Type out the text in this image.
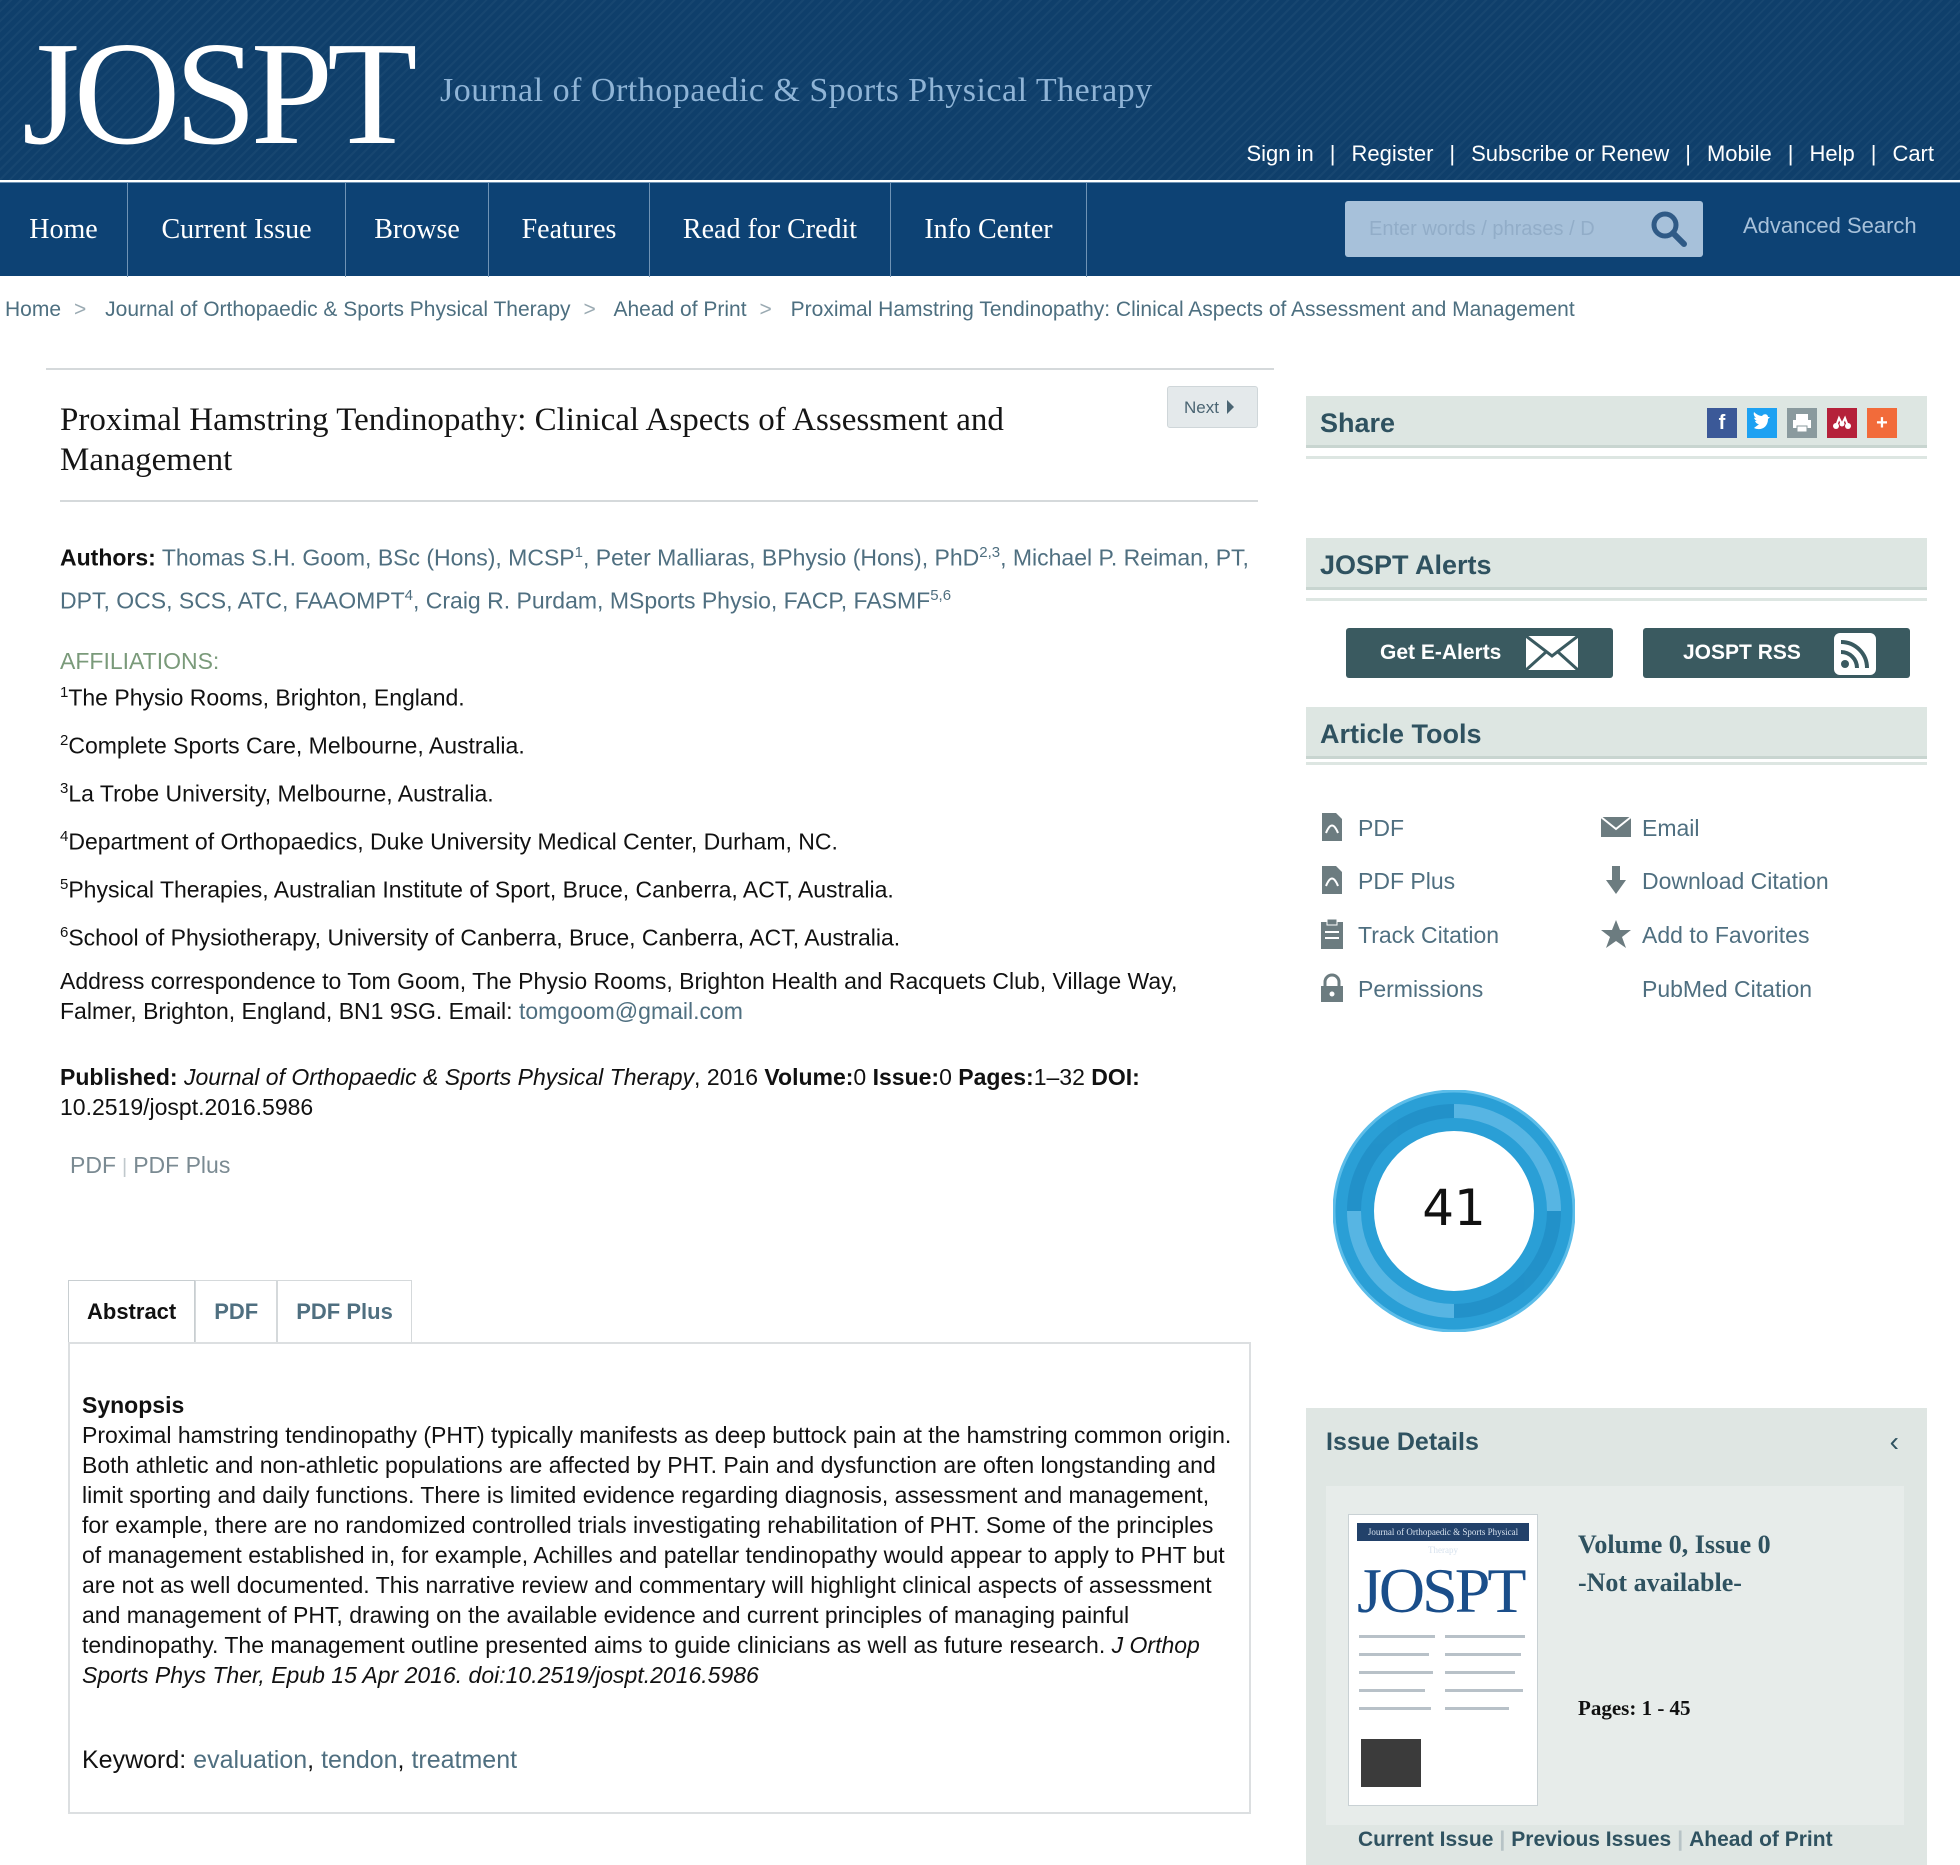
JOSPT Journal of Orthopaedic & Sports Physical Therapy
Sign in | Register | Subscribe or Renew | Mobile | Help | Cart
Home	Current Issue	Browse	Features	Read for Credit	Info Center
Enter words / phrases / D	Advanced Search
Home > Journal of Orthopaedic & Sports Physical Therapy > Ahead of Print > Proximal Hamstring Tendinopathy: Clinical Aspects of Assessment and Management
Next
Proximal Hamstring Tendinopathy: Clinical Aspects of Assessment and Management
Authors: Thomas S.H. Goom, BSc (Hons), MCSP$^1$, Peter Malliaras, BPhysio (Hons), PhD$^{2,3}$, Michael P. Reiman, PT, DPT, OCS, SCS, ATC, FAAOMPT$^4$, Craig R. Purdam, MSports Physio, FACP, FASMF$^{5,6}$
AFFILIATIONS:
$^1$The Physio Rooms, Brighton, England.
$^2$Complete Sports Care, Melbourne, Australia.
$^3$La Trobe University, Melbourne, Australia.
$^4$Department of Orthopaedics, Duke University Medical Center, Durham, NC.
$^5$Physical Therapies, Australian Institute of Sport, Bruce, Canberra, ACT, Australia.
$^6$School of Physiotherapy, University of Canberra, Bruce, Canberra, ACT, Australia.
Address correspondence to Tom Goom, The Physio Rooms, Brighton Health and Racquets Club, Village Way, Falmer, Brighton, England, BN1 9SG. Email: tomgoom@gmail.com
Published: Journal of Orthopaedic & Sports Physical Therapy, 2016 Volume:0 Issue:0 Pages:1–32 DOI:
10.2519/jospt.2016.5986
PDF | PDF Plus
Abstract	PDF	PDF Plus
Synopsis
Proximal hamstring tendinopathy (PHT) typically manifests as deep buttock pain at the hamstring common origin. Both athletic and non-athletic populations are affected by PHT. Pain and dysfunction are often longstanding and limit sporting and daily functions. There is limited evidence regarding diagnosis, assessment and management, for example, there are no randomized controlled trials investigating rehabilitation of PHT. Some of the principles of management established in, for example, Achilles and patellar tendinopathy would appear to apply to PHT but are not as well documented. This narrative review and commentary will highlight clinical aspects of assessment and management of PHT, drawing on the available evidence and current principles of managing painful tendinopathy. The management outline presented aims to guide clinicians as well as future research. J Orthop Sports Phys Ther, Epub 15 Apr 2016. doi:10.2519/jospt.2016.5986
Keyword: evaluation, tendon, treatment
Share	f	+
JOSPT Alerts
Get E-Alerts	JOSPT RSS
Article Tools
PDF	Email
PDF Plus	Download Citation
Track Citation	Add to Favorites
Permissions	PubMed Citation
41
Issue Details	‹
Journal of Orthopaedic & Sports Physical Therapy
JOSPT
Volume 0, Issue 0
-Not available-
Pages: 1 - 45
Current Issue | Previous Issues | Ahead of Print
